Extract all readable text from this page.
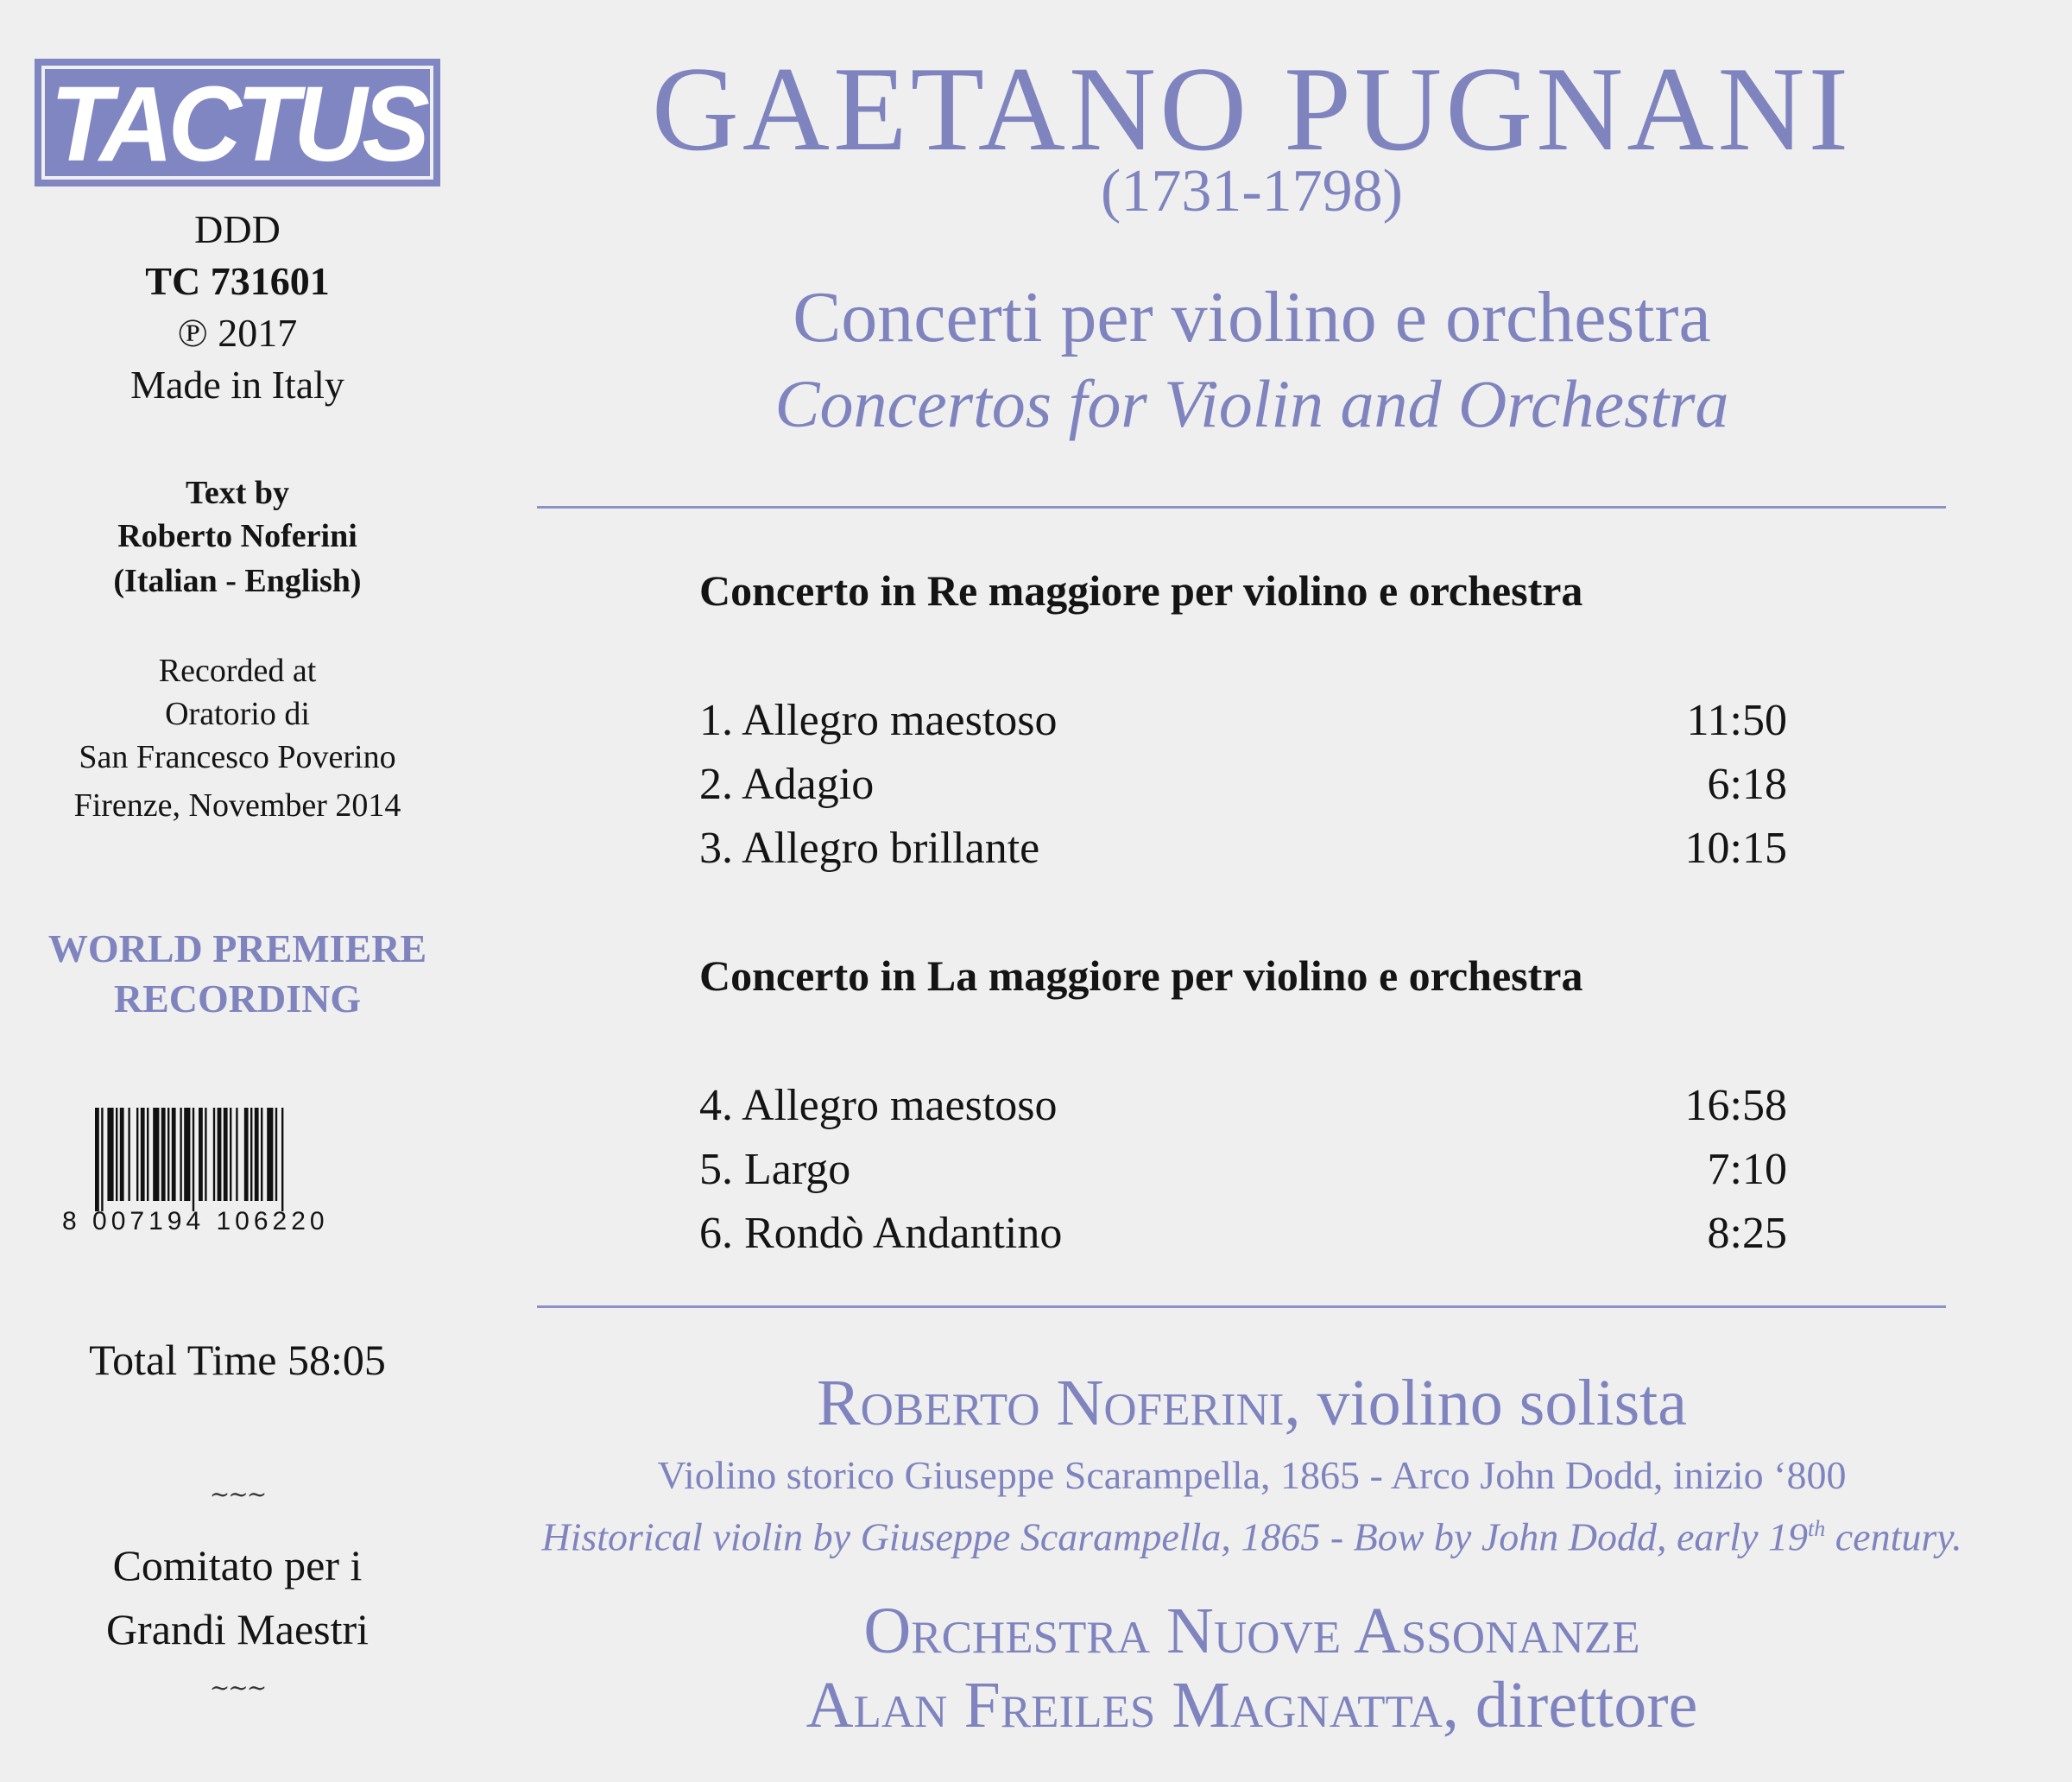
TACTUS
DDD
TC 731601
℗ 2017
Made in Italy
Text by
Roberto Noferini
(Italian - English)
Recorded at
Oratorio di
San Francesco Poverino
Firenze, November 2014
WORLD PREMIERE
RECORDING
8 007194 106220
Total Time 58:05
~~~
Comitato per i
Grandi Maestri
~~~
GAETANO PUGNANI
(1731-1798)
Concerti per violino e orchestra
Concertos for Violin and Orchestra
Concerto in Re maggiore per violino e orchestra
1. Allegro maestoso	11:50
2. Adagio	6:18
3. Allegro brillante	10:15
Concerto in La maggiore per violino e orchestra
4. Allegro maestoso	16:58
5. Largo	7:10
6. Rondò Andantino	8:25
Roberto Noferini, violino solista
Violino storico Giuseppe Scarampella, 1865 - Arco John Dodd, inizio ‘800
Historical violin by Giuseppe Scarampella, 1865 - Bow by John Dodd, early 19th century.
Orchestra Nuove Assonanze
Alan Freiles Magnatta, direttore
